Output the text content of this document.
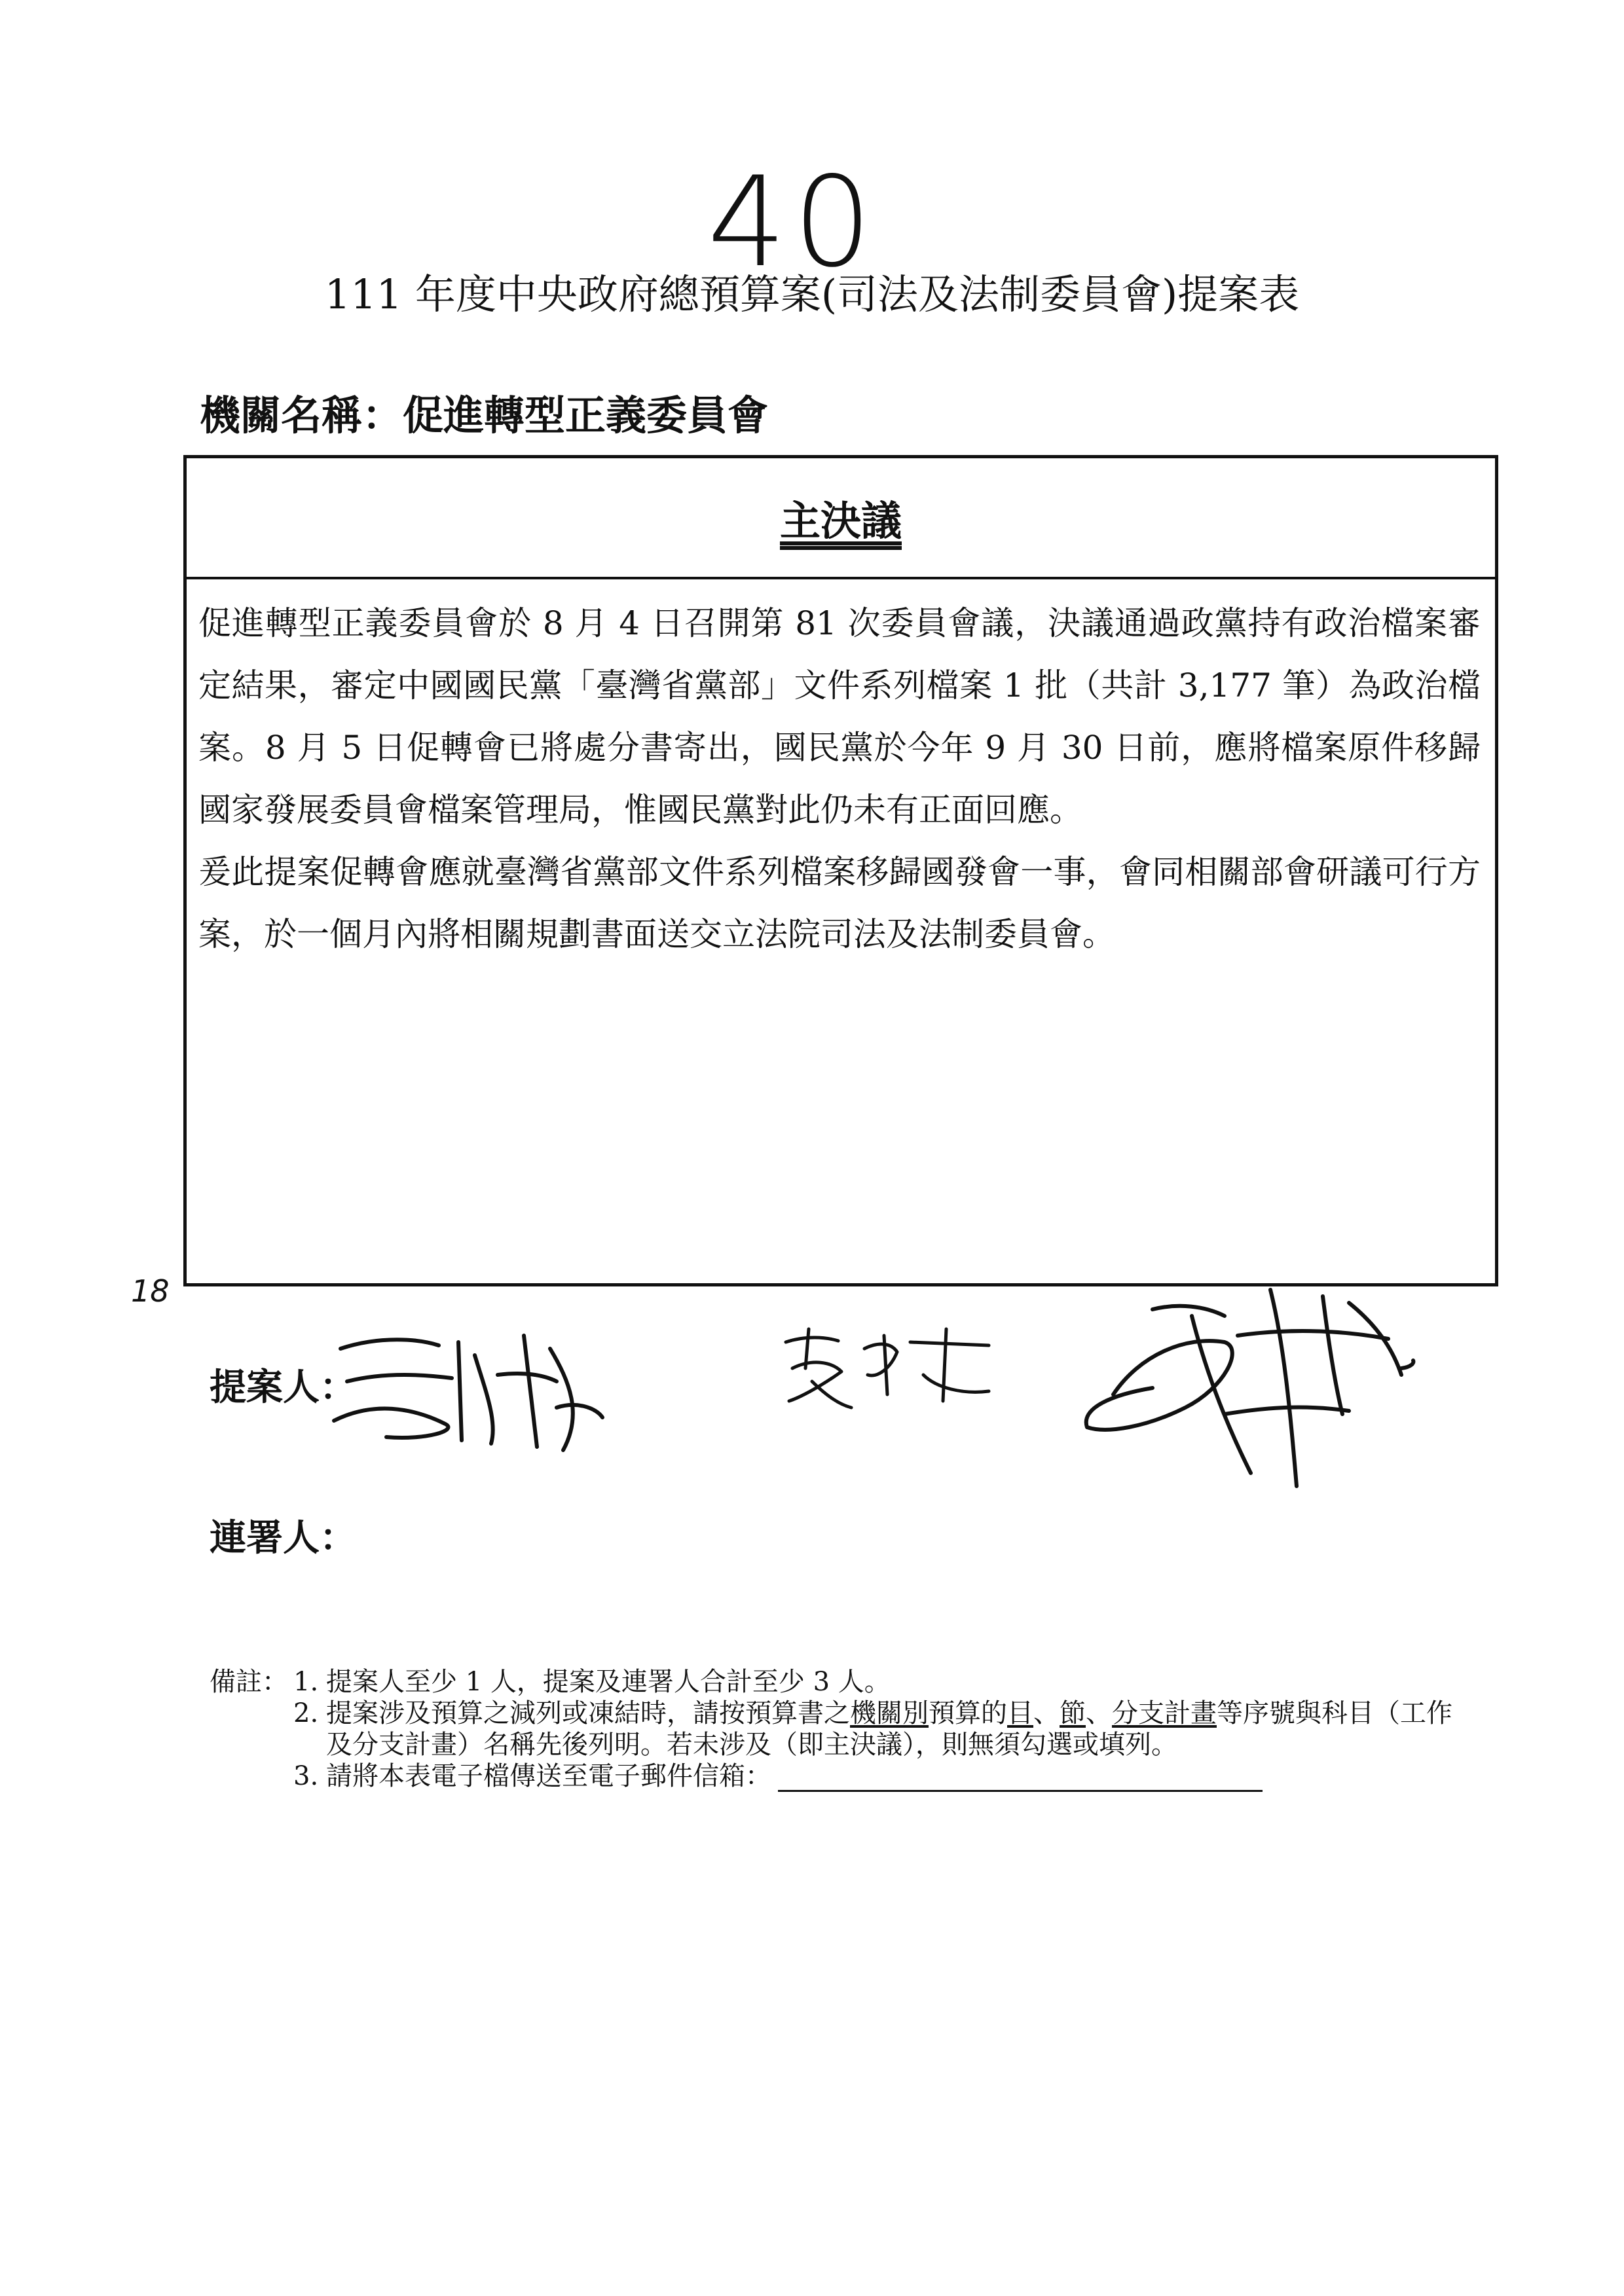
40
111 年度中央政府總預算案(司法及法制委員會)提案表
機關名稱：促進轉型正義委員會
主決議

促進轉型正義委員會於 8 月 4 日召開第 81 次委員會議，決議通過政黨持有政治檔案審定結果，審定中國國民黨「臺灣省黨部」文件系列檔案 1 批（共計 3,177 筆）為政治檔案。8 月 5 日促轉會已將處分書寄出，國民黨於今年 9 月 30 日前，應將檔案原件移歸國家發展委員會檔案管理局，惟國民黨對此仍未有正面回應。

爰此提案促轉會應就臺灣省黨部文件系列檔案移歸國發會一事，會同相關部會研議可行方案，於一個月內將相關規劃書面送交立法院司法及法制委員會。

18
提案人：
連署人：
備註： 1. 提案人至少 1 人，提案及連署人合計至少 3 人。
2. 提案涉及預算之減列或凍結時，請按預算書之機關別預算的目、節、分支計畫等序號與科目（工作及分支計畫）名稱先後列明。若未涉及（即主決議），則無須勾選或填列。
3. 請將本表電子檔傳送至電子郵件信箱：
